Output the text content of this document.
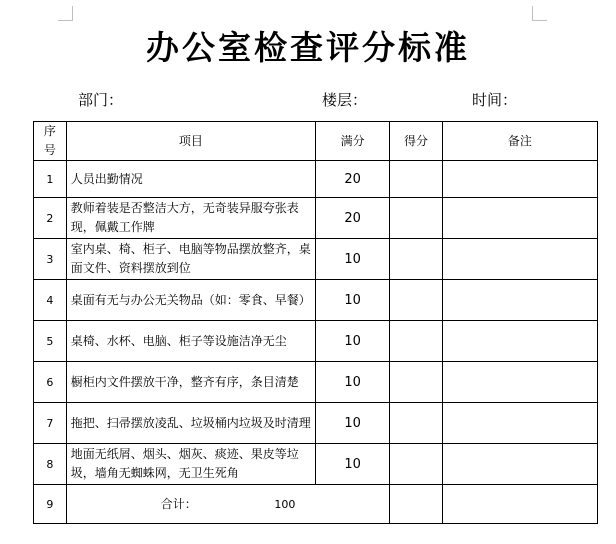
办公室检查评分标准
部门：	楼层：	时间：
序号	项目	满分	得分	备注
1	人员出勤情况	20		
2	教师着装是否整洁大方，无奇装异服夸张表现，佩戴工作牌	20		
3	室内桌、椅、柜子、电脑等物品摆放整齐，桌面文件、资料摆放到位	10		
4	桌面有无与办公无关物品（如：零食、早餐）	10		
5	桌椅、水杯、电脑、柜子等设施洁净无尘	10		
6	橱柜内文件摆放干净，整齐有序，条目清楚	10		
7	拖把、扫帚摆放凌乱、垃圾桶内垃圾及时清理	10		
8	地面无纸屑、烟头、烟灰、痰迹、果皮等垃圾，墙角无蜘蛛网，无卫生死角	10		
9	合计： 100			
